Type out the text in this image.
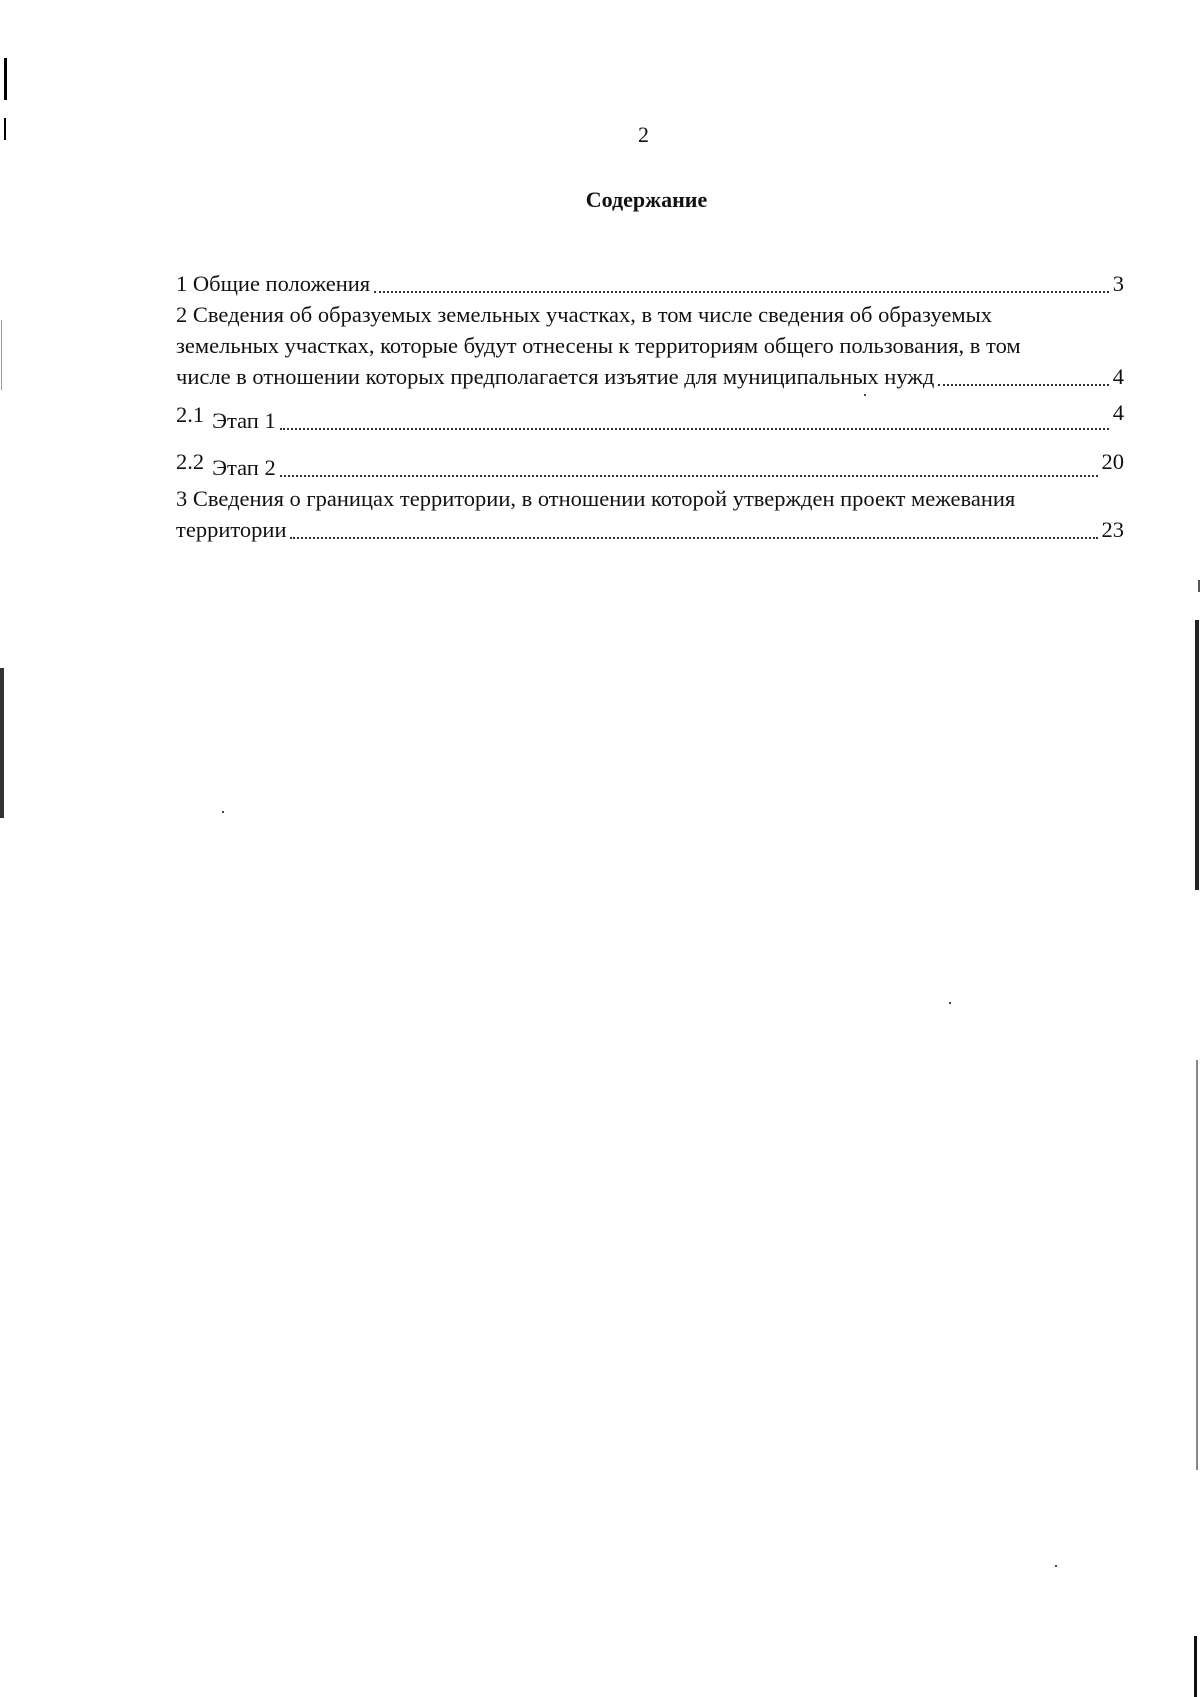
2
Содержание
1 Общие положения	3
2 Сведения об образуемых земельных участках, в том числе сведения об образуемых
земельных участках, которые будут отнесены к территориям общего пользования, в том
числе в отношении которых предполагается изъятие для муниципальных нужд	4
2.1 Этап 1	4
2.2 Этап 2	20
3 Сведения о границах территории, в отношении которой утвержден проект межевания
территории	23
